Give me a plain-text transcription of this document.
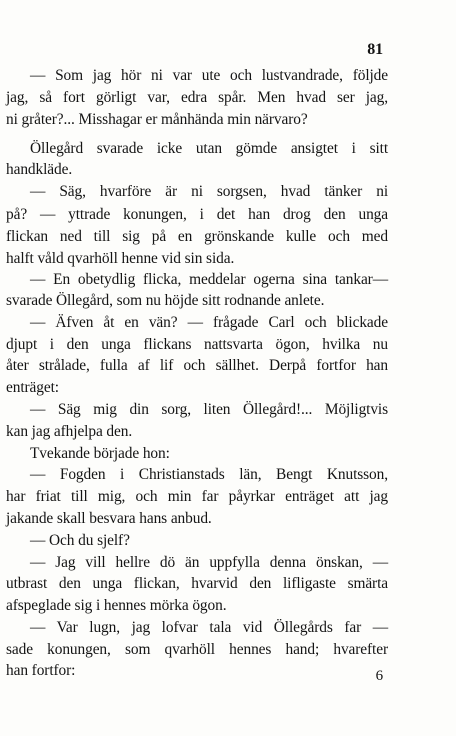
81
— Som jag hör ni var ute och lustvandrade, följde
jag, så fort görligt var, edra spår. Men hvad ser jag,
ni gråter?... Misshagar er månhända min närvaro?
Öllegård svarade icke utan gömde ansigtet i sitt
handkläde.
— Säg, hvarföre är ni sorgsen, hvad tänker ni
på? — yttrade konungen, i det han drog den unga
flickan ned till sig på en grönskande kulle och med
halft våld qvarhöll henne vid sin sida.
— En obetydlig flicka, meddelar ogerna sina tankar—
svarade Öllegård, som nu höjde sitt rodnande anlete.
— Äfven åt en vän? — frågade Carl och blickade
djupt i den unga flickans nattsvarta ögon, hvilka nu
åter strålade, fulla af lif och sällhet. Derpå fortfor han
enträget:
— Säg mig din sorg, liten Öllegård!... Möjligtvis
kan jag afhjelpa den.
Tvekande började hon:
— Fogden i Christianstads län, Bengt Knutsson,
har friat till mig, och min far påyrkar enträget att jag
jakande skall besvara hans anbud.
— Och du sjelf?
— Jag vill hellre dö än uppfylla denna önskan, —
utbrast den unga flickan, hvarvid den lifligaste smärta
afspeglade sig i hennes mörka ögon.
— Var lugn, jag lofvar tala vid Öllegårds far —
sade konungen, som qvarhöll hennes hand; hvarefter
han fortfor:	6
